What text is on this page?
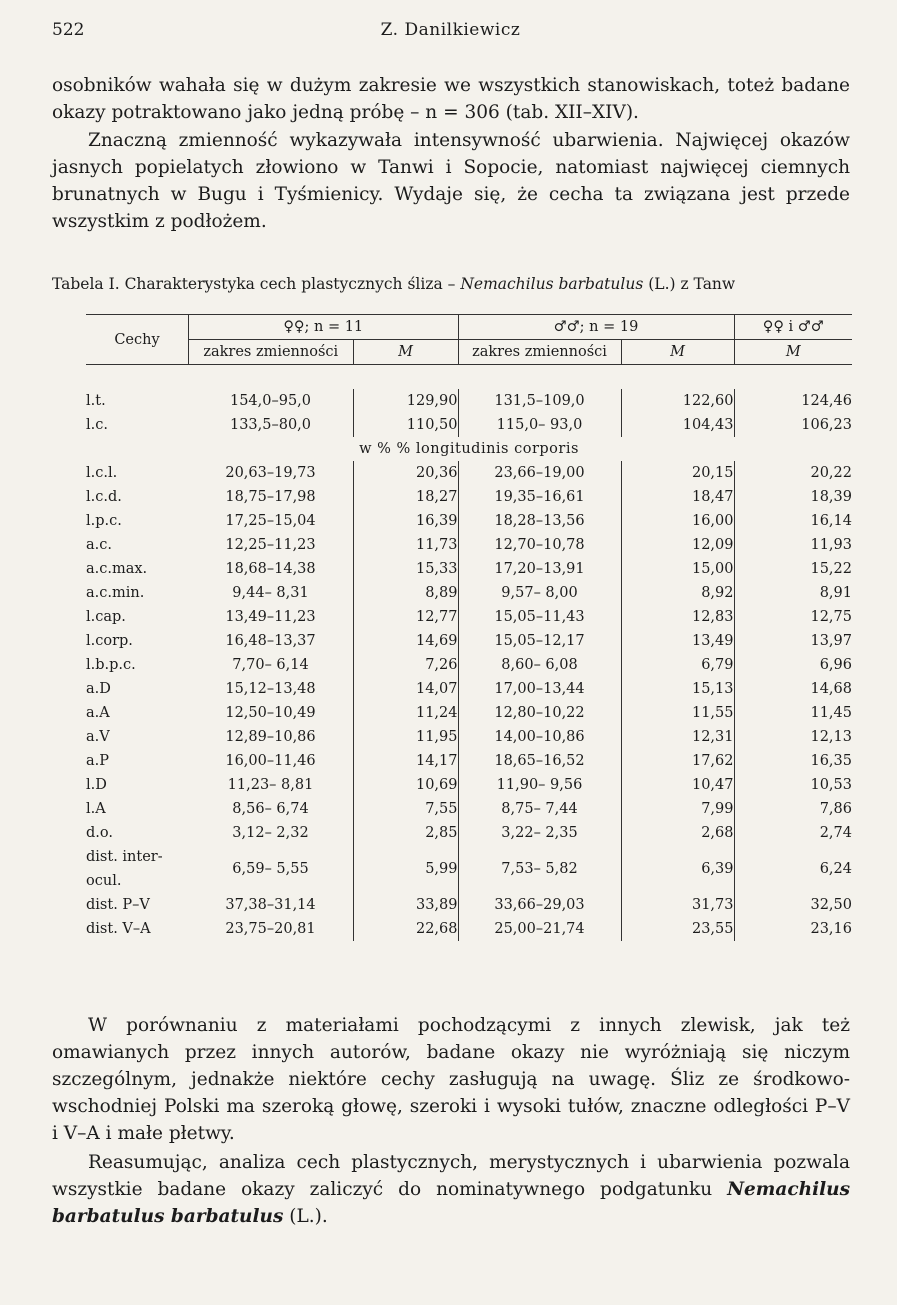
522	Z. Danilkiewicz

osobników wahała się w dużym zakresie we wszystkich stanowiskach, toteż badane okazy potraktowano jako jedną próbę – n = 306 (tab. XII–XIV).

Znaczną zmienność wykazywała intensywność ubarwienia. Najwięcej okazów jasnych popielatych złowiono w Tanwi i Sopocie, natomiast najwięcej ciemnych brunatnych w Bugu i Tyśmienicy. Wydaje się, że cecha ta związana jest przede wszystkim z podłożem.

Tabela I. Charakterystyka cech plastycznych śliza – Nemachilus barbatulus (L.) z Tanw

Cechy	♀♀; n = 11		♂♂; n = 19		♀♀ i ♂♂
	zakres zmienności	M	zakres zmienności	M	M

l.t.	154,0–95,0	129,90	131,5–109,0	122,60	124,46
l.c.	133,5–80,0	110,50	115,0– 93,0	104,43	106,23
w % % longitudinis corporis					
l.c.l.	20,63–19,73	20,36	23,66–19,00	20,15	20,22
l.c.d.	18,75–17,98	18,27	19,35–16,61	18,47	18,39
l.p.c.	17,25–15,04	16,39	18,28–13,56	16,00	16,14
a.c.	12,25–11,23	11,73	12,70–10,78	12,09	11,93
a.c.max.	18,68–14,38	15,33	17,20–13,91	15,00	15,22
a.c.min.	9,44– 8,31	8,89	9,57– 8,00	8,92	8,91
l.cap.	13,49–11,23	12,77	15,05–11,43	12,83	12,75
l.corp.	16,48–13,37	14,69	15,05–12,17	13,49	13,97
l.b.p.c.	7,70– 6,14	7,26	8,60– 6,08	6,79	6,96
a.D	15,12–13,48	14,07	17,00–13,44	15,13	14,68
a.A	12,50–10,49	11,24	12,80–10,22	11,55	11,45
a.V	12,89–10,86	11,95	14,00–10,86	12,31	12,13
a.P	16,00–11,46	14,17	18,65–16,52	17,62	16,35
l.D	11,23– 8,81	10,69	11,90– 9,56	10,47	10,53
l.A	8,56– 6,74	7,55	8,75– 7,44	7,99	7,86
d.o.	3,12– 2,32	2,85	3,22– 2,35	2,68	2,74
dist. inter-ocul.	6,59– 5,55	5,99	7,53– 5,82	6,39	6,24
dist. P–V	37,38–31,14	33,89	33,66–29,03	31,73	32,50
dist. V–A	23,75–20,81	22,68	25,00–21,74	23,55	23,16

W porównaniu z materiałami pochodzącymi z innych zlewisk, jak też omawianych przez innych autorów, badane okazy nie wyróżniają się niczym szczególnym, jednakże niektóre cechy zasługują na uwagę. Śliz ze środkowo-wschodniej Polski ma szeroką głowę, szeroki i wysoki tułów, znaczne odległości P–V i V–A i małe płetwy.

Reasumując, analiza cech plastycznych, merystycznych i ubarwienia pozwala wszystkie badane okazy zaliczyć do nominatywnego podgatunku Nemachilus barbatulus barbatulus (L.).
